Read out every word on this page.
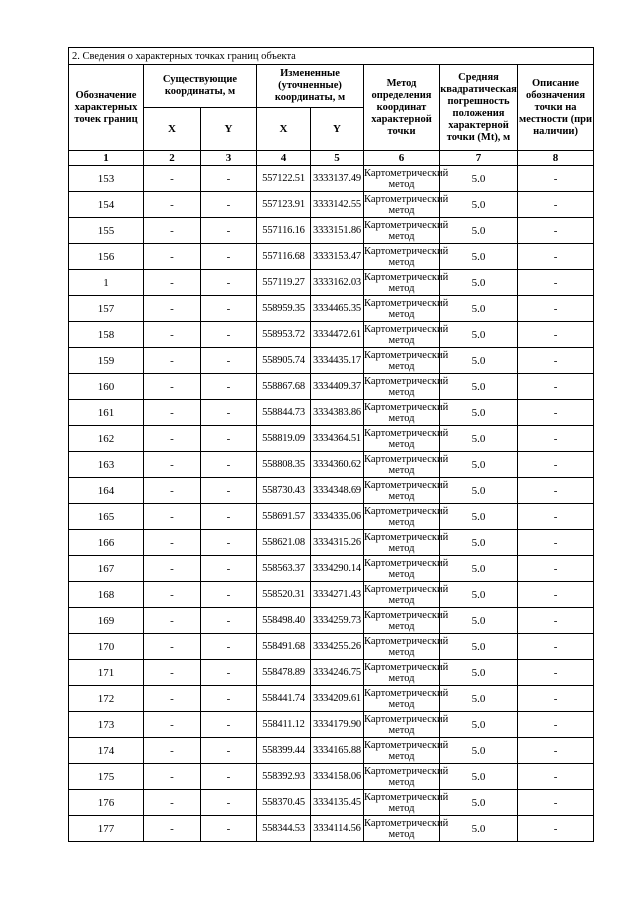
2. Сведения о характерных точках границ объекта							
Обозначение характерных точек границ	Существующие координаты, м		Измененные (уточненные) координаты, м		Метод определения координат характерной точки	Средняя квадратическая погрешность положения характерной точки (Mt), м	Описание обозначения точки на местности (при наличии)
	X	Y	X	Y			
1	2	3	4	5	6	7	8
153	-	-	557122.51	3333137.49	Картометрический метод	5.0	-
154	-	-	557123.91	3333142.55	Картометрический метод	5.0	-
155	-	-	557116.16	3333151.86	Картометрический метод	5.0	-
156	-	-	557116.68	3333153.47	Картометрический метод	5.0	-
1	-	-	557119.27	3333162.03	Картометрический метод	5.0	-
157	-	-	558959.35	3334465.35	Картометрический метод	5.0	-
158	-	-	558953.72	3334472.61	Картометрический метод	5.0	-
159	-	-	558905.74	3334435.17	Картометрический метод	5.0	-
160	-	-	558867.68	3334409.37	Картометрический метод	5.0	-
161	-	-	558844.73	3334383.86	Картометрический метод	5.0	-
162	-	-	558819.09	3334364.51	Картометрический метод	5.0	-
163	-	-	558808.35	3334360.62	Картометрический метод	5.0	-
164	-	-	558730.43	3334348.69	Картометрический метод	5.0	-
165	-	-	558691.57	3334335.06	Картометрический метод	5.0	-
166	-	-	558621.08	3334315.26	Картометрический метод	5.0	-
167	-	-	558563.37	3334290.14	Картометрический метод	5.0	-
168	-	-	558520.31	3334271.43	Картометрический метод	5.0	-
169	-	-	558498.40	3334259.73	Картометрический метод	5.0	-
170	-	-	558491.68	3334255.26	Картометрический метод	5.0	-
171	-	-	558478.89	3334246.75	Картометрический метод	5.0	-
172	-	-	558441.74	3334209.61	Картометрический метод	5.0	-
173	-	-	558411.12	3334179.90	Картометрический метод	5.0	-
174	-	-	558399.44	3334165.88	Картометрический метод	5.0	-
175	-	-	558392.93	3334158.06	Картометрический метод	5.0	-
176	-	-	558370.45	3334135.45	Картометрический метод	5.0	-
177	-	-	558344.53	3334114.56	Картометрический метод	5.0	-
